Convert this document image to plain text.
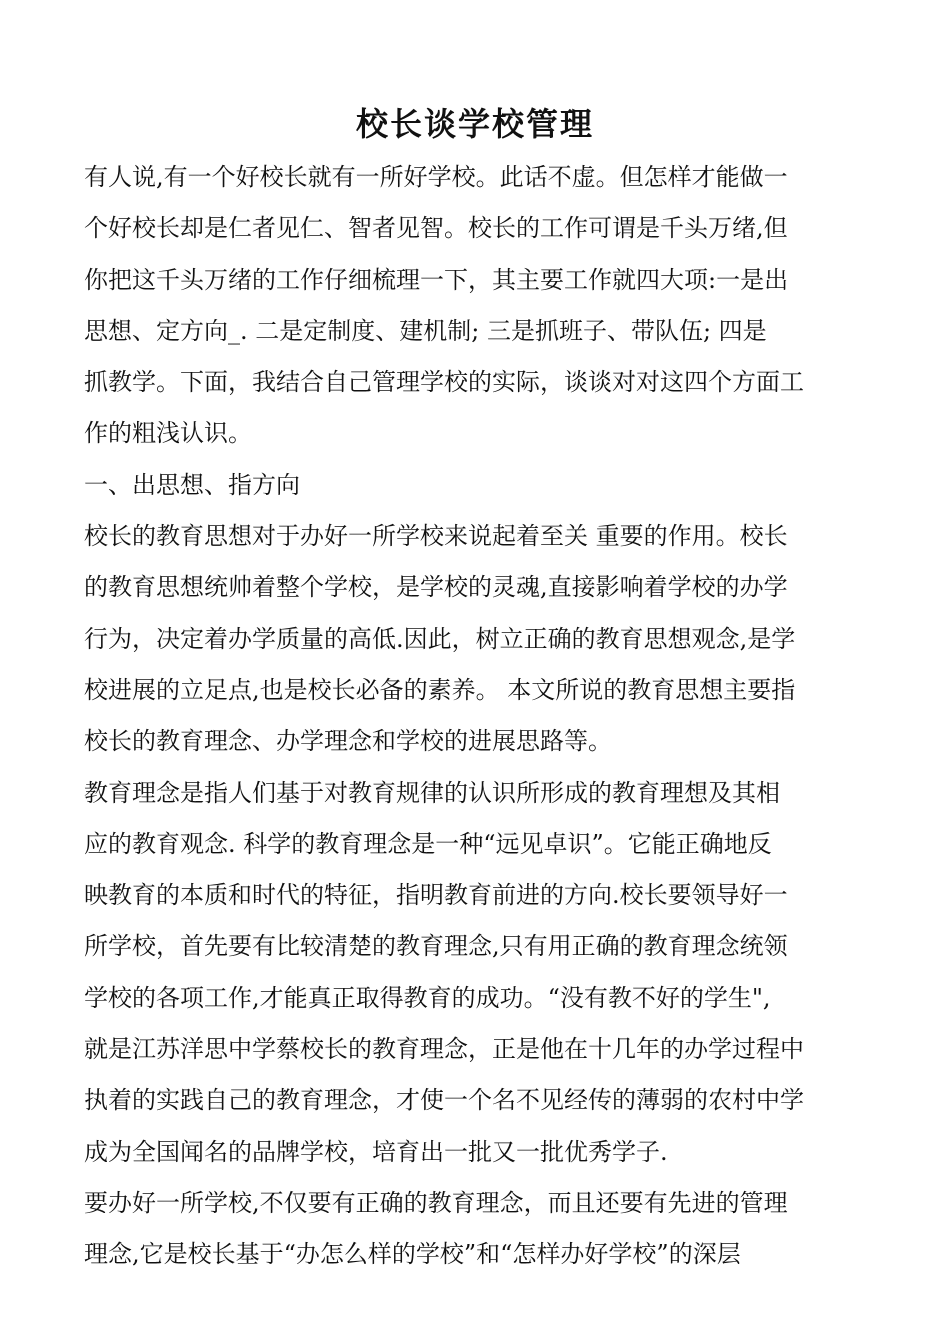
校长谈学校管理
有人说,有一个好校长就有一所好学校。此话不虚。但怎样才能做一
个好校长却是仁者见仁、智者见智。校长的工作可谓是千头万绪,但
你把这千头万绪的工作仔细梳理一下，其主要工作就四大项:一是出
思想、定方向_. 二是定制度、建机制; 三是抓班子、带队伍; 四是
抓教学。下面，我结合自己管理学校的实际，谈谈对对这四个方面工
作的粗浅认识。
一、出思想、指方向
校长的教育思想对于办好一所学校来说起着至关 重要的作用。校长
的教育思想统帅着整个学校，是学校的灵魂,直接影响着学校的办学
行为，决定着办学质量的高低.因此，树立正确的教育思想观念,是学
校进展的立足点,也是校长必备的素养。 本文所说的教育思想主要指
校长的教育理念、办学理念和学校的进展思路等。
教育理念是指人们基于对教育规律的认识所形成的教育理想及其相
应的教育观念. 科学的教育理念是一种“远见卓识”。它能正确地反
映教育的本质和时代的特征，指明教育前进的方向.校长要领导好一
所学校，首先要有比较清楚的教育理念,只有用正确的教育理念统领
学校的各项工作,才能真正取得教育的成功。“没有教不好的学生",
就是江苏洋思中学蔡校长的教育理念，正是他在十几年的办学过程中
执着的实践自己的教育理念，才使一个名不见经传的薄弱的农村中学
成为全国闻名的品牌学校，培育出一批又一批优秀学子.
要办好一所学校,不仅要有正确的教育理念，而且还要有先进的管理
理念,它是校长基于“办怎么样的学校”和“怎样办好学校”的深层
